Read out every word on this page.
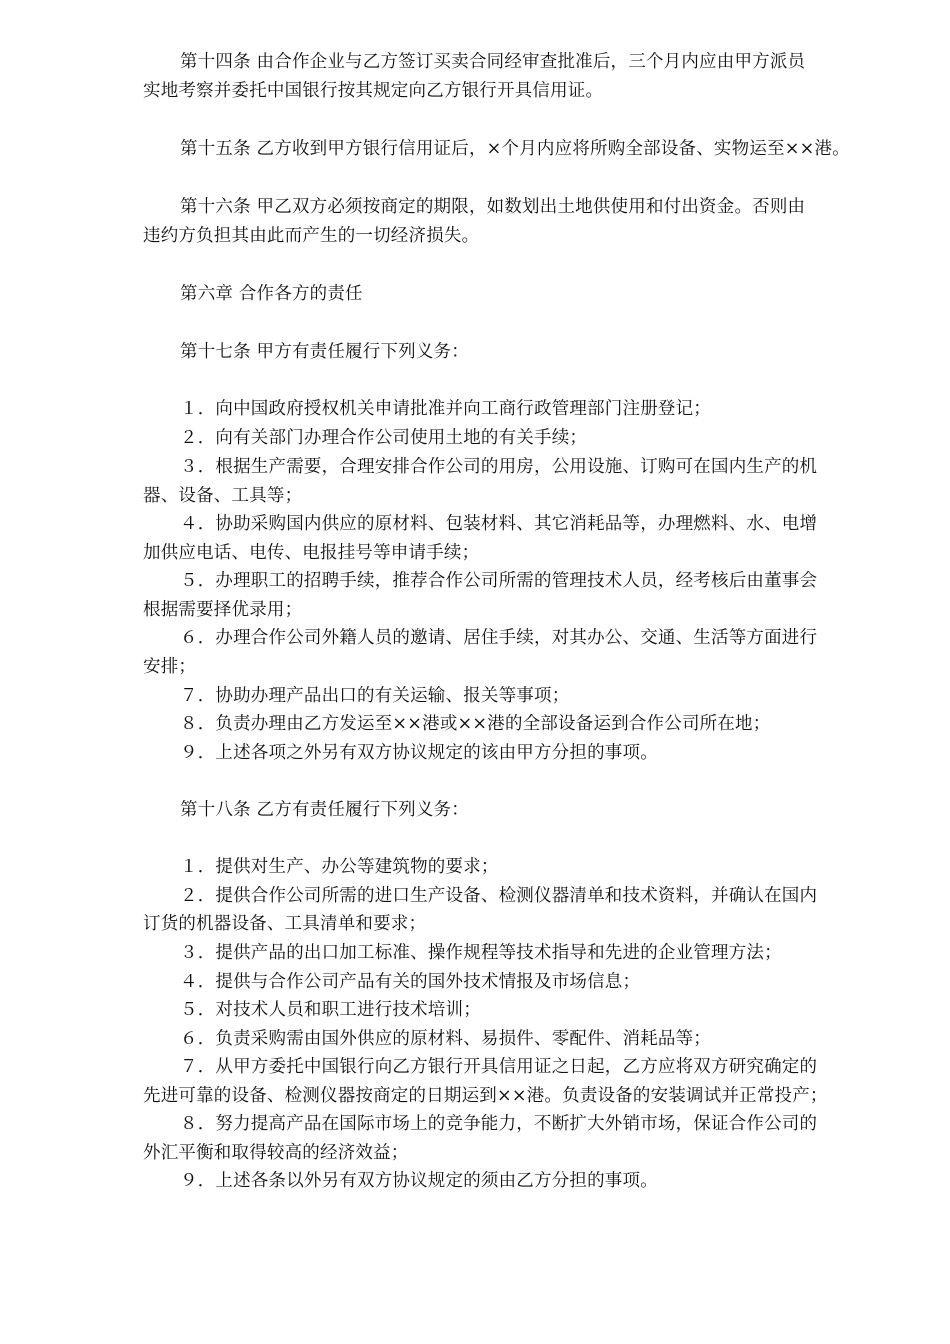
第十四条 由合作企业与乙方签订买卖合同经审查批准后，三个月内应由甲方派员
实地考察并委托中国银行按其规定向乙方银行开具信用证。
第十五条 乙方收到甲方银行信用证后，×个月内应将所购全部设备、实物运至××港。
第十六条 甲乙双方必须按商定的期限，如数划出土地供使用和付出资金。否则由
违约方负担其由此而产生的一切经济损失。
第六章 合作各方的责任
第十七条 甲方有责任履行下列义务：
１．向中国政府授权机关申请批准并向工商行政管理部门注册登记；
２．向有关部门办理合作公司使用土地的有关手续；
３．根据生产需要，合理安排合作公司的用房，公用设施、订购可在国内生产的机
器、设备、工具等；
４．协助采购国内供应的原材料、包装材料、其它消耗品等，办理燃料、水、电增
加供应电话、电传、电报挂号等申请手续；
５．办理职工的招聘手续，推荐合作公司所需的管理技术人员，经考核后由董事会
根据需要择优录用；
６．办理合作公司外籍人员的邀请、居住手续，对其办公、交通、生活等方面进行
安排；
７．协助办理产品出口的有关运输、报关等事项；
８．负责办理由乙方发运至××港或××港的全部设备运到合作公司所在地；
９．上述各项之外另有双方协议规定的该由甲方分担的事项。
第十八条 乙方有责任履行下列义务：
１．提供对生产、办公等建筑物的要求；
２．提供合作公司所需的进口生产设备、检测仪器清单和技术资料，并确认在国内
订货的机器设备、工具清单和要求；
３．提供产品的出口加工标准、操作规程等技术指导和先进的企业管理方法；
４．提供与合作公司产品有关的国外技术情报及市场信息；
５．对技术人员和职工进行技术培训；
６．负责采购需由国外供应的原材料、易损件、零配件、消耗品等；
７．从甲方委托中国银行向乙方银行开具信用证之日起，乙方应将双方研究确定的
先进可靠的设备、检测仪器按商定的日期运到××港。负责设备的安装调试并正常投产；
８．努力提高产品在国际市场上的竞争能力，不断扩大外销市场，保证合作公司的
外汇平衡和取得较高的经济效益；
９．上述各条以外另有双方协议规定的须由乙方分担的事项。
